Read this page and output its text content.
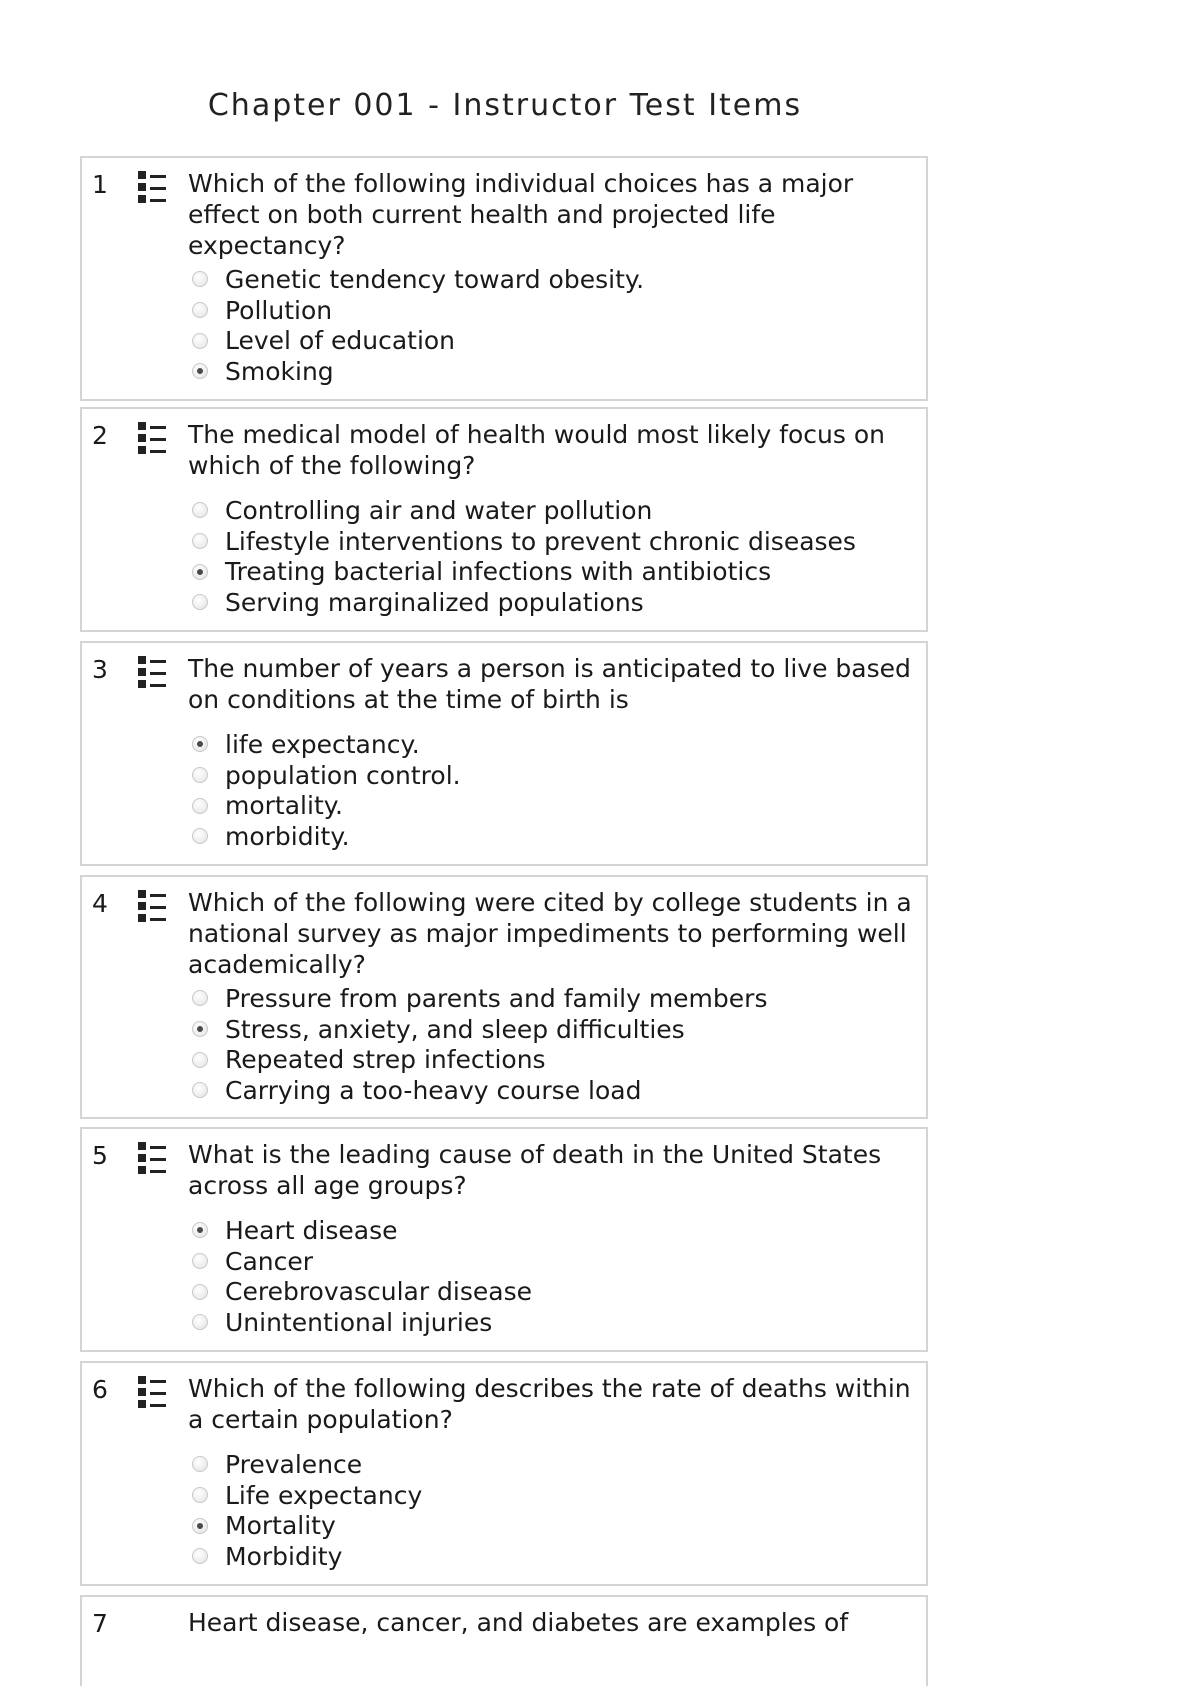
Chapter 001 - Instructor Test Items
1	Which of the following individual choices has a major effect on both current health and projected life expectancy?
Genetic tendency toward obesity.
Pollution
Level of education
Smoking
2	The medical model of health would most likely focus on which of the following?
Controlling air and water pollution
Lifestyle interventions to prevent chronic diseases
Treating bacterial infections with antibiotics
Serving marginalized populations
3	The number of years a person is anticipated to live based on conditions at the time of birth is
life expectancy.
population control.
mortality.
morbidity.
4	Which of the following were cited by college students in a national survey as major impediments to performing well academically?
Pressure from parents and family members
Stress, anxiety, and sleep difficulties
Repeated strep infections
Carrying a too-heavy course load
5	What is the leading cause of death in the United States across all age groups?
Heart disease
Cancer
Cerebrovascular disease
Unintentional injuries
6	Which of the following describes the rate of deaths within a certain population?
Prevalence
Life expectancy
Mortality
Morbidity
7	Heart disease, cancer, and diabetes are examples of
